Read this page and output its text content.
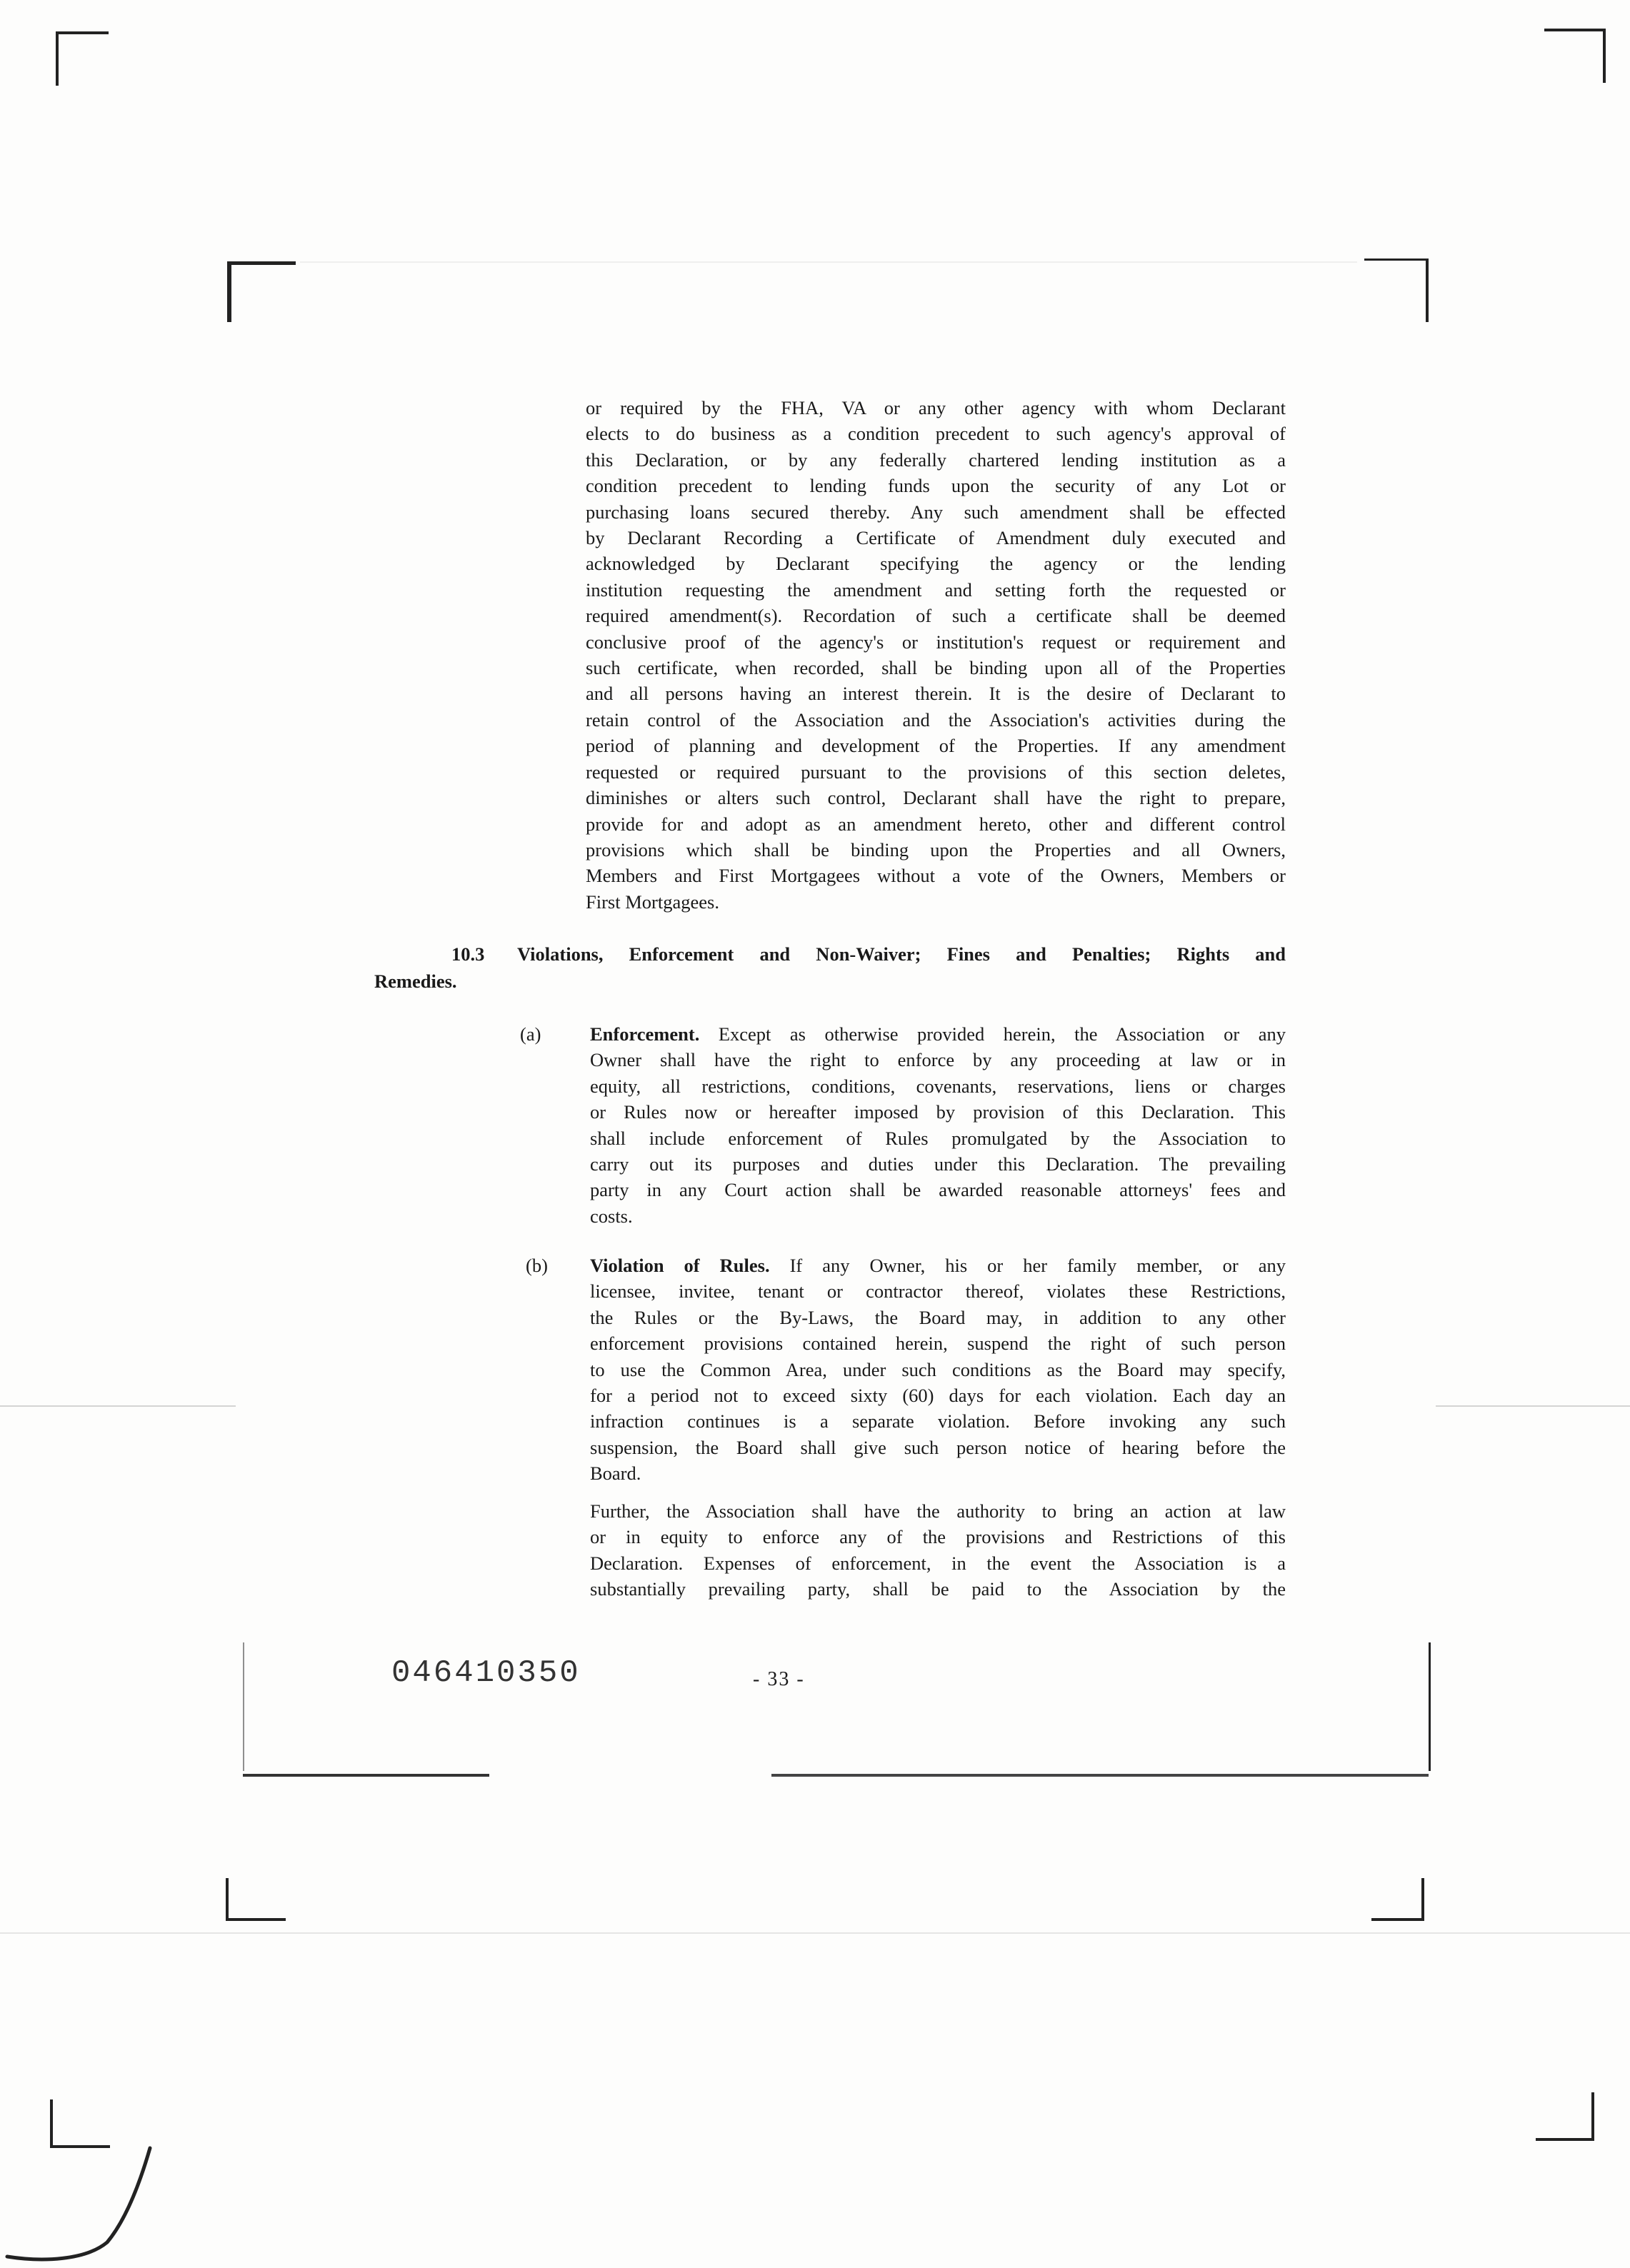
or required by the FHA, VA or any other agency with whom Declarant
elects to do business as a condition precedent to such agency's approval of
this Declaration, or by any federally chartered lending institution as a
condition precedent to lending funds upon the security of any Lot or
purchasing loans secured thereby. Any such amendment shall be effected
by Declarant Recording a Certificate of Amendment duly executed and
acknowledged by Declarant specifying the agency or the lending
institution requesting the amendment and setting forth the requested or
required amendment(s). Recordation of such a certificate shall be deemed
conclusive proof of the agency's or institution's request or requirement and
such certificate, when recorded, shall be binding upon all of the Properties
and all persons having an interest therein. It is the desire of Declarant to
retain control of the Association and the Association's activities during the
period of planning and development of the Properties. If any amendment
requested or required pursuant to the provisions of this section deletes,
diminishes or alters such control, Declarant shall have the right to prepare,
provide for and adopt as an amendment hereto, other and different control
provisions which shall be binding upon the Properties and all Owners,
Members and First Mortgagees without a vote of the Owners, Members or
First Mortgagees.

10.3 Violations, Enforcement and Non-Waiver; Fines and Penalties; Rights and

Remedies.

(a)	Enforcement. Except as otherwise provided herein, the Association or any
Owner shall have the right to enforce by any proceeding at law or in
equity, all restrictions, conditions, covenants, reservations, liens or charges
or Rules now or hereafter imposed by provision of this Declaration. This
shall include enforcement of Rules promulgated by the Association to
carry out its purposes and duties under this Declaration. The prevailing
party in any Court action shall be awarded reasonable attorneys' fees and
costs.

(b) Violation of Rules. If any Owner, his or her family member, or any
licensee, invitee, tenant or contractor thereof, violates these Restrictions,
the Rules or the By-Laws, the Board may, in addition to any other
enforcement provisions contained herein, suspend the right of such person
to use the Common Area, under such conditions as the Board may specify,
for a period not to exceed sixty (60) days for each violation. Each day an
infraction continues is a separate violation. Before invoking any such
suspension, the Board shall give such person notice of hearing before the
Board.
Further, the Association shall have the authority to bring an action at law
or in equity to enforce any of the provisions and Restrictions of this
Declaration. Expenses of enforcement, in the event the Association is a
substantially prevailing party, shall be paid to the Association by the

046410350	- 33 -
